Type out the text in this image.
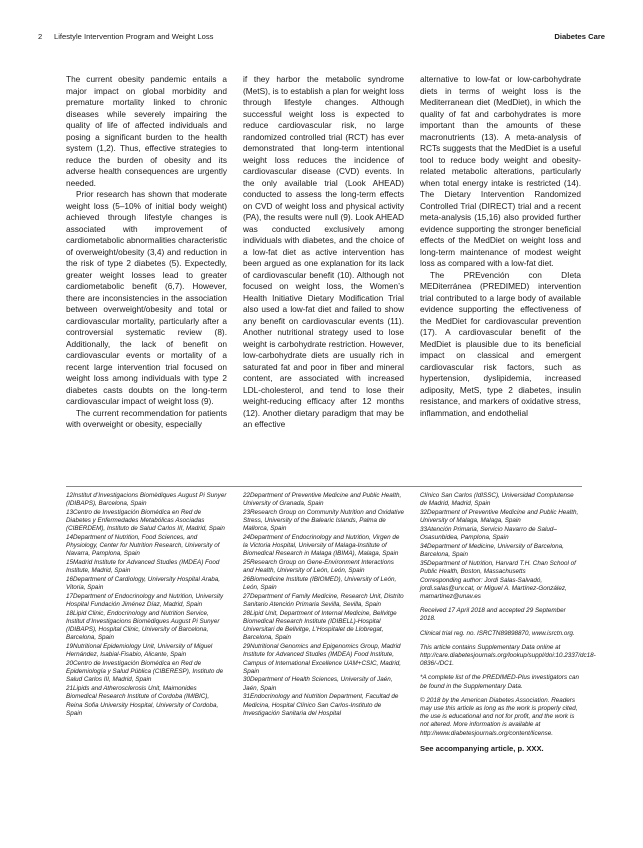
2 Lifestyle Intervention Program and Weight Loss	Diabetes Care

The current obesity pandemic entails a major impact on global morbidity and premature mortality linked to chronic diseases while severely impairing the quality of life of affected individuals and posing a significant burden to the health system (1,2). Thus, effective strategies to reduce the burden of obesity and its adverse health consequences are urgently needed.

Prior research has shown that moderate weight loss (5–10% of initial body weight) achieved through lifestyle changes is associated with improvement of cardiometabolic abnormalities characteristic of overweight/obesity (3,4) and reduction in the risk of type 2 diabetes (5). Expectedly, greater weight losses lead to greater cardiometabolic benefit (6,7). However, there are inconsistencies in the association between overweight/obesity and total or cardiovascular mortality, particularly after a controversial systematic review (8). Additionally, the lack of benefit on cardiovascular events or mortality of a recent large intervention trial focused on weight loss among individuals with type 2 diabetes casts doubts on the long-term cardiovascular impact of weight loss (9).

The current recommendation for patients with overweight or obesity, especially

if they harbor the metabolic syndrome (MetS), is to establish a plan for weight loss through lifestyle changes. Although successful weight loss is expected to reduce cardiovascular risk, no large randomized controlled trial (RCT) has ever demonstrated that long-term intentional weight loss reduces the incidence of cardiovascular disease (CVD) events. In the only available trial (Look AHEAD) conducted to assess the long-term effects on CVD of weight loss and physical activity (PA), the results were null (9). Look AHEAD was conducted exclusively among individuals with diabetes, and the choice of a low-fat diet as active intervention has been argued as one explanation for its lack of cardiovascular benefit (10). Although not focused on weight loss, the Women’s Health Initiative Dietary Modification Trial also used a low-fat diet and failed to show any benefit on cardiovascular events (11). Another nutritional strategy used to lose weight is carbohydrate restriction. However, low-carbohydrate diets are usually rich in saturated fat and poor in fiber and mineral content, are associated with increased LDL-cholesterol, and tend to lose their weight-reducing efficacy after 12 months (12). Another dietary paradigm that may be an effective

alternative to low-fat or low-carbohydrate diets in terms of weight loss is the Mediterranean diet (MedDiet), in which the quality of fat and carbohydrates is more important than the amounts of these macronutrients (13). A meta-analysis of RCTs suggests that the MedDiet is a useful tool to reduce body weight and obesity-related metabolic alterations, particularly when total energy intake is restricted (14). The Dietary Intervention Randomized Controlled Trial (DIRECT) trial and a recent meta-analysis (15,16) also provided further evidence supporting the stronger beneficial effects of the MedDiet on weight loss and long-term maintenance of modest weight loss as compared with a low-fat diet.

The PREvención con DIeta MEDiterránea (PREDIMED) intervention trial contributed to a large body of available evidence supporting the effectiveness of the MedDiet for cardiovascular prevention (17). A cardiovascular benefit of the MedDiet is plausible due to its beneficial impact on classical and emergent cardiovascular risk factors, such as hypertension, dyslipidemia, increased adiposity, MetS, type 2 diabetes, insulin resistance, and markers of oxidative stress, inflammation, and endothelial

12Institut d’Investigacions Biomèdiques August Pi Sunyer (IDIBAPS), Barcelona, Spain

13Centro de Investigación Biomédica en Red de Diabetes y Enfermedades Metabólicas Asociadas (CIBERDEM), Instituto de Salud Carlos III, Madrid, Spain

14Department of Nutrition, Food Sciences, and Physiology, Center for Nutrition Research, University of Navarra, Pamplona, Spain

15Madrid Institute for Advanced Studies (IMDEA) Food Institute, Madrid, Spain

16Department of Cardiology, University Hospital Araba, Vitoria, Spain

17Department of Endocrinology and Nutrition, University Hospital Fundación Jiménez Díaz, Madrid, Spain

18Lipid Clinic, Endocrinology and Nutrition Service, Institut d’Investigacions Biomèdiques August Pi Sunyer (IDIBAPS), Hospital Clinic, University of Barcelona, Barcelona, Spain

19Nutritional Epidemiology Unit, University of Miguel Hernández, Isabial-Fisabio, Alicante, Spain

20Centro de Investigación Biomédica en Red de Epidemiología y Salud Pública (CIBERESP), Instituto de Salud Carlos III, Madrid, Spain

21Lipids and Atherosclerosis Unit, Maimonides Biomedical Research Institute of Cordoba (IMIBIC), Reina Sofia University Hospital, University of Cordoba, Spain

22Department of Preventive Medicine and Public Health, University of Granada, Spain

23Research Group on Community Nutrition and Oxidative Stress, University of the Balearic Islands, Palma de Mallorca, Spain

24Department of Endocrinology and Nutrition, Virgen de la Victoria Hospital, University of Malaga-Institute of Biomedical Research in Malaga (IBIMA), Malaga, Spain

25Research Group on Gene-Environment Interactions and Health, University of León, León, Spain

26Biomedicine Institute (IBIOMED), University of León, León, Spain

27Department of Family Medicine, Research Unit, Distrito Sanitario Atención Primaria Sevilla, Sevilla, Spain

28Lipid Unit, Department of Internal Medicine, Bellvitge Biomedical Research Institute (IDIBELL)-Hospital Universitari de Bellvitge, L’Hospitalet de Llobregat, Barcelona, Spain

29Nutritional Genomics and Epigenomics Group, Madrid Institute for Advanced Studies (IMDEA) Food Institute, Campus of International Excellence UAM+CSIC, Madrid, Spain

30Department of Health Sciences, University of Jaén, Jaén, Spain

31Endocrinology and Nutrition Department, Facultad de Medicina, Hospital Clínico San Carlos-Instituto de Investigación Sanitaria del Hospital

Clínico San Carlos (IdISSC), Universidad Complutense de Madrid, Madrid, Spain

32Department of Preventive Medicine and Public Health, University of Malaga, Malaga, Spain

33Atención Primaria, Servicio Navarro de Salud–Osasunbidea, Pamplona, Spain

34Department of Medicine, University of Barcelona, Barcelona, Spain

35Department of Nutrition, Harvard T.H. Chan School of Public Health, Boston, Massachusetts

Corresponding author: Jordi Salas-Salvadó, jordi.salas@urv.cat, or Miguel A. Martínez-González, mamartinez@unav.es

Received 17 April 2018 and accepted 29 September 2018.

Clinical trial reg. no. ISRCTN89898870, www.isrctn.org.

This article contains Supplementary Data online at http://care.diabetesjournals.org/lookup/suppl/doi:10.2337/dc18-0836/-/DC1.

*A complete list of the PREDIMED-Plus investigators can be found in the Supplementary Data.

© 2018 by the American Diabetes Association. Readers may use this article as long as the work is properly cited, the use is educational and not for profit, and the work is not altered. More information is available at http://www.diabetesjournals.org/content/license.

See accompanying article, p. XXX.
